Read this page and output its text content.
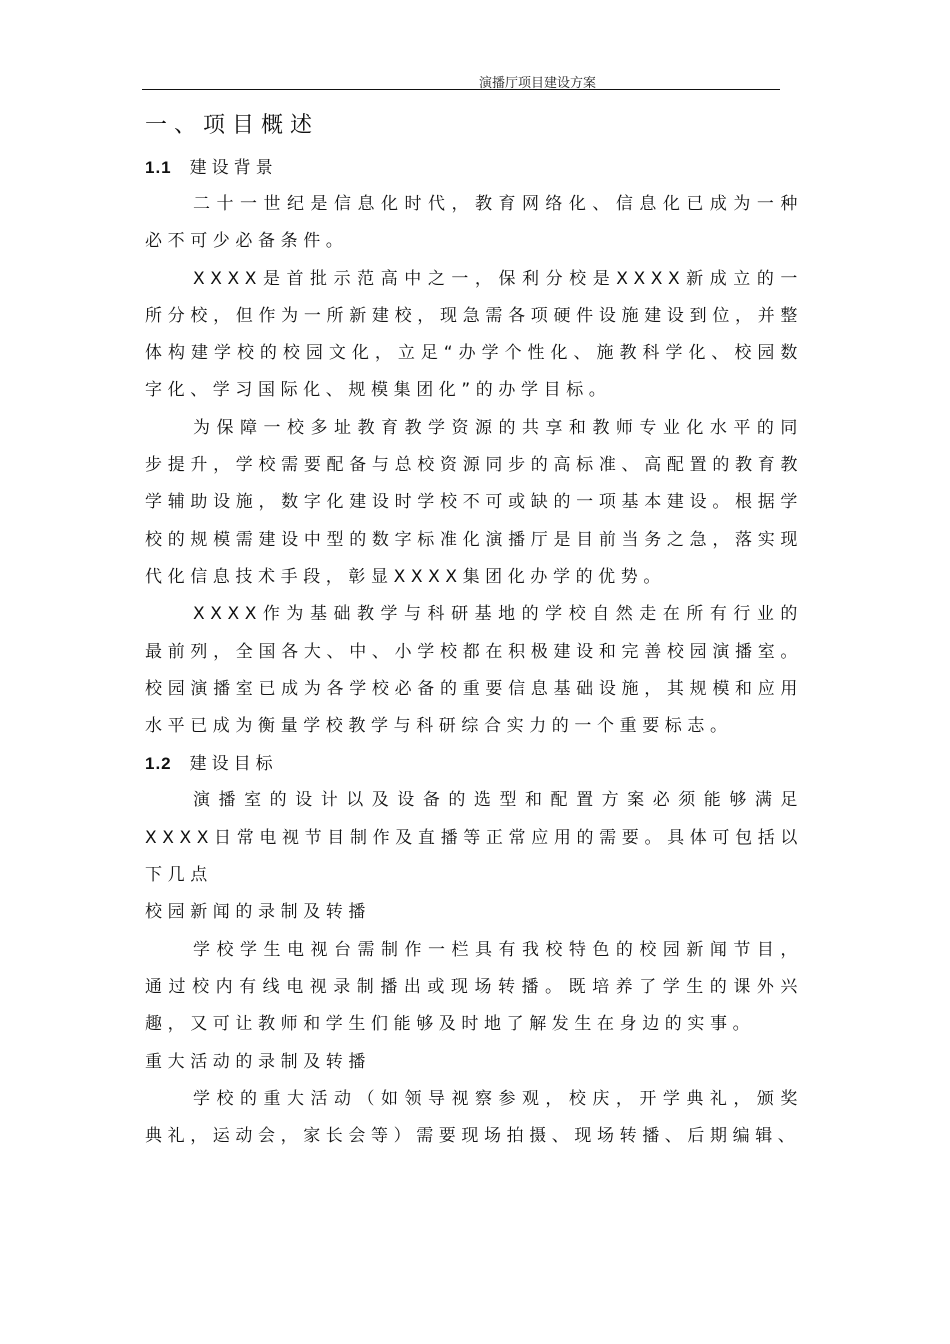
演播厅项目建设方案
一、项目概述
1.1 建设背景

二十一世纪是信息化时代，教育网络化、信息化已成为一种必不可少必备条件。

XXXX是首批示范高中之一，保利分校是XXXX新成立的一所分校，但作为一所新建校，现急需各项硬件设施建设到位，并整体构建学校的校园文化，立足“办学个性化、施教科学化、校园数字化、学习国际化、规模集团化”的办学目标。

为保障一校多址教育教学资源的共享和教师专业化水平的同步提升，学校需要配备与总校资源同步的高标准、高配置的教育教学辅助设施，数字化建设时学校不可或缺的一项基本建设。根据学校的规模需建设中型的数字标准化演播厅是目前当务之急，落实现代化信息技术手段，彰显XXXX集团化办学的优势。

XXXX作为基础教学与科研基地的学校自然走在所有行业的最前列，全国各大、中、小学校都在积极建设和完善校园演播室。校园演播室已成为各学校必备的重要信息基础设施，其规模和应用水平已成为衡量学校教学与科研综合实力的一个重要标志。

1.2 建设目标

演播室的设计以及设备的选型和配置方案必须能够满足XXXX日常电视节目制作及直播等正常应用的需要。具体可包括以下几点

校园新闻的录制及转播

学校学生电视台需制作一栏具有我校特色的校园新闻节目，通过校内有线电视录制播出或现场转播。既培养了学生的课外兴趣，又可让教师和学生们能够及时地了解发生在身边的实事。

重大活动的录制及转播

学校的重大活动（如领导视察参观，校庆，开学典礼，颁奖典礼，运动会，家长会等）需要现场拍摄、现场转播、后期编辑、
